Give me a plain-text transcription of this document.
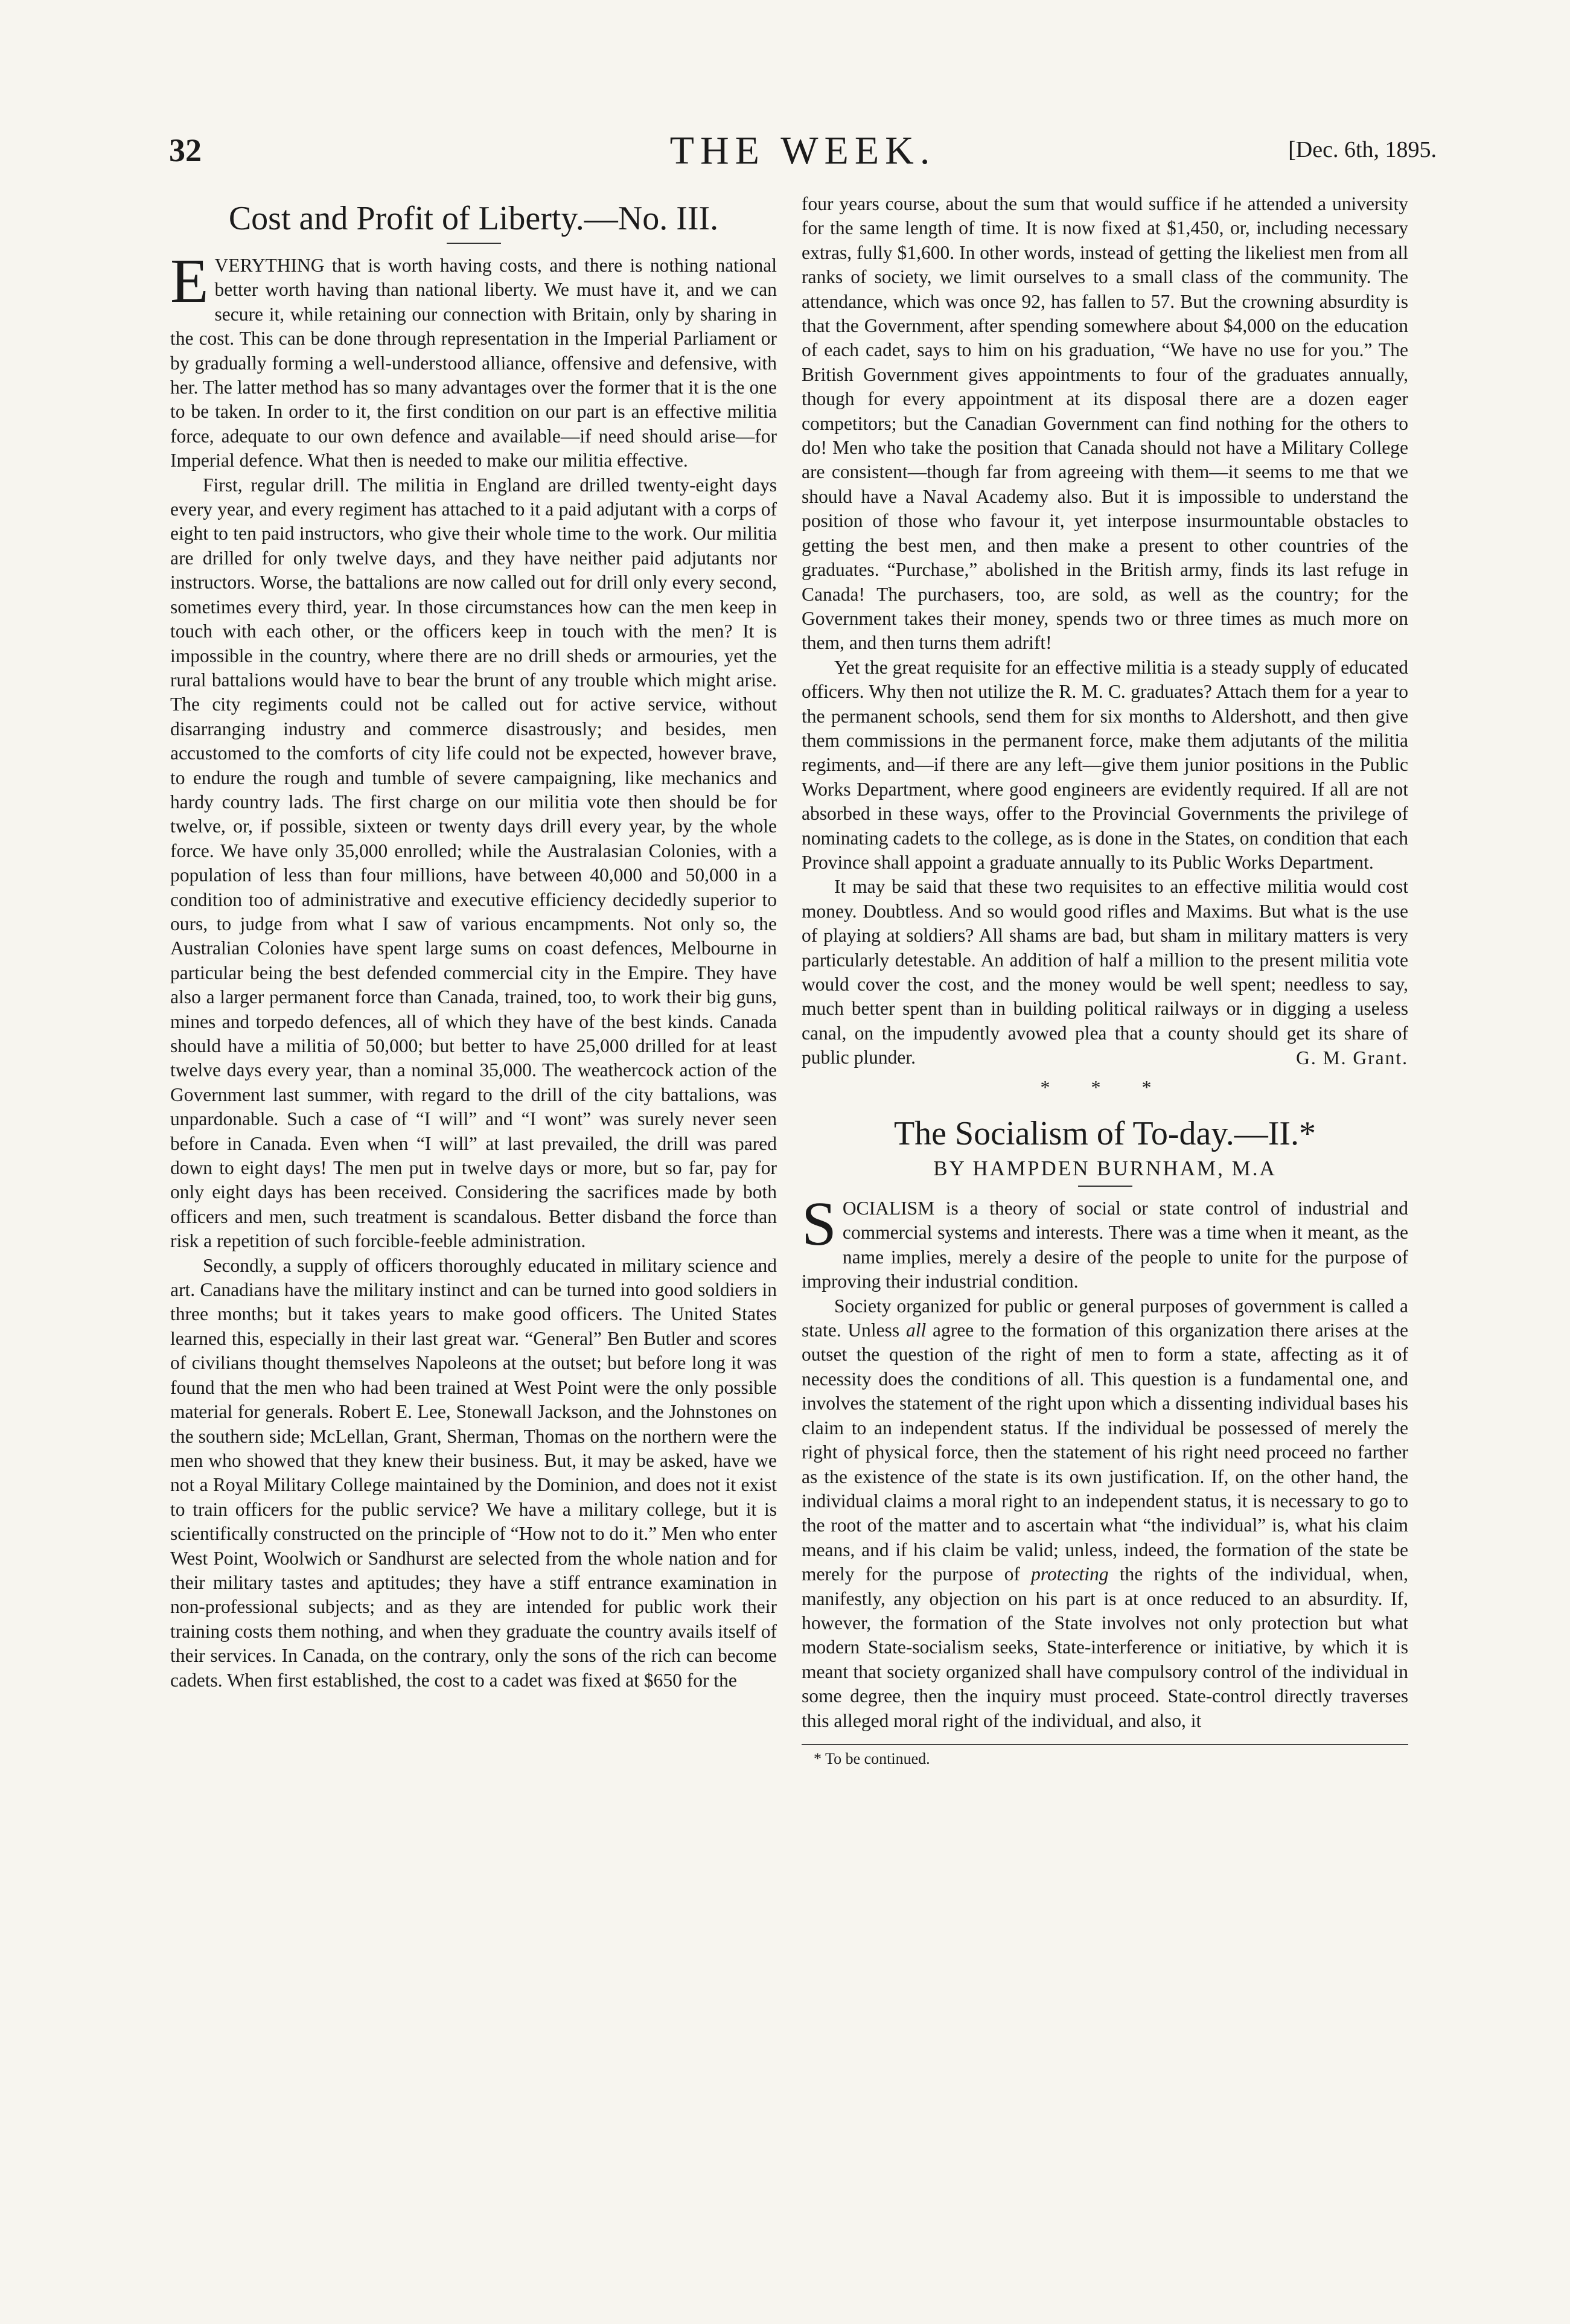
32	THE WEEK.	[Dec. 6th, 1895.
Cost and Profit of Liberty.—No. III.

EVERYTHING that is worth having costs, and there is nothing national better worth having than national liberty. We must have it, and we can secure it, while retaining our connection with Britain, only by sharing in the cost. This can be done through representation in the Imperial Parliament or by gradually forming a well-understood alliance, offensive and defensive, with her. The latter method has so many advantages over the former that it is the one to be taken. In order to it, the first condition on our part is an effective militia force, adequate to our own defence and available—if need should arise—for Imperial defence. What then is needed to make our militia effective.

First, regular drill. The militia in England are drilled twenty-eight days every year, and every regiment has attached to it a paid adjutant with a corps of eight to ten paid instructors, who give their whole time to the work. Our militia are drilled for only twelve days, and they have neither paid adjutants nor instructors. Worse, the battalions are now called out for drill only every second, sometimes every third, year. In those circumstances how can the men keep in touch with each other, or the officers keep in touch with the men? It is impossible in the country, where there are no drill sheds or armouries, yet the rural battalions would have to bear the brunt of any trouble which might arise. The city regiments could not be called out for active service, without disarranging industry and commerce disastrously; and besides, men accustomed to the comforts of city life could not be expected, however brave, to endure the rough and tumble of severe campaigning, like mechanics and hardy country lads. The first charge on our militia vote then should be for twelve, or, if possible, sixteen or twenty days drill every year, by the whole force. We have only 35,000 enrolled; while the Australasian Colonies, with a population of less than four millions, have between 40,000 and 50,000 in a condition too of administrative and executive efficiency decidedly superior to ours, to judge from what I saw of various encampments. Not only so, the Australian Colonies have spent large sums on coast defences, Melbourne in particular being the best defended commercial city in the Empire. They have also a larger permanent force than Canada, trained, too, to work their big guns, mines and torpedo defences, all of which they have of the best kinds. Canada should have a militia of 50,000; but better to have 25,000 drilled for at least twelve days every year, than a nominal 35,000. The weathercock action of the Government last summer, with regard to the drill of the city battalions, was unpardonable. Such a case of “I will” and “I wont” was surely never seen before in Canada. Even when “I will” at last prevailed, the drill was pared down to eight days! The men put in twelve days or more, but so far, pay for only eight days has been received. Considering the sacrifices made by both officers and men, such treatment is scandalous. Better disband the force than risk a repetition of such forcible-feeble administration.

Secondly, a supply of officers thoroughly educated in military science and art. Canadians have the military instinct and can be turned into good soldiers in three months; but it takes years to make good officers. The United States learned this, especially in their last great war. “General” Ben Butler and scores of civilians thought themselves Napoleons at the outset; but before long it was found that the men who had been trained at West Point were the only possible material for generals. Robert E. Lee, Stonewall Jackson, and the Johnstones on the southern side; McLellan, Grant, Sherman, Thomas on the northern were the men who showed that they knew their business. But, it may be asked, have we not a Royal Military College maintained by the Dominion, and does not it exist to train officers for the public service? We have a military college, but it is scientifically constructed on the principle of “How not to do it.” Men who enter West Point, Woolwich or Sandhurst are selected from the whole nation and for their military tastes and aptitudes; they have a stiff entrance examination in non-professional subjects; and as they are intended for public work their training costs them nothing, and when they graduate the country avails itself of their services. In Canada, on the contrary, only the sons of the rich can become cadets. When first established, the cost to a cadet was fixed at $650 for the

four years course, about the sum that would suffice if he attended a university for the same length of time. It is now fixed at $1,450, or, including necessary extras, fully $1,600. In other words, instead of getting the likeliest men from all ranks of society, we limit ourselves to a small class of the community. The attendance, which was once 92, has fallen to 57. But the crowning absurdity is that the Government, after spending somewhere about $4,000 on the education of each cadet, says to him on his graduation, “We have no use for you.” The British Government gives appointments to four of the graduates annually, though for every appointment at its disposal there are a dozen eager competitors; but the Canadian Government can find nothing for the others to do! Men who take the position that Canada should not have a Military College are consistent—though far from agreeing with them—it seems to me that we should have a Naval Academy also. But it is impossible to understand the position of those who favour it, yet interpose insurmountable obstacles to getting the best men, and then make a present to other countries of the graduates. “Purchase,” abolished in the British army, finds its last refuge in Canada! The purchasers, too, are sold, as well as the country; for the Government takes their money, spends two or three times as much more on them, and then turns them adrift!

Yet the great requisite for an effective militia is a steady supply of educated officers. Why then not utilize the R. M. C. graduates? Attach them for a year to the permanent schools, send them for six months to Aldershott, and then give them commissions in the permanent force, make them adjutants of the militia regiments, and—if there are any left—give them junior positions in the Public Works Department, where good engineers are evidently required. If all are not absorbed in these ways, offer to the Provincial Governments the privilege of nominating cadets to the college, as is done in the States, on condition that each Province shall appoint a graduate annually to its Public Works Department.

It may be said that these two requisites to an effective militia would cost money. Doubtless. And so would good rifles and Maxims. But what is the use of playing at soldiers? All shams are bad, but sham in military matters is very particularly detestable. An addition of half a million to the present militia vote would cover the cost, and the money would be well spent; needless to say, much better spent than in building political railways or in digging a useless canal, on the impudently avowed plea that a county should get its share of public plunder.	G. M. Grant.
* * *
The Socialism of To-day.—II.*
BY HAMPDEN BURNHAM, M.A

SOCIALISM is a theory of social or state control of industrial and commercial systems and interests. There was a time when it meant, as the name implies, merely a desire of the people to unite for the purpose of improving their industrial condition.

Society organized for public or general purposes of government is called a state. Unless all agree to the formation of this organization there arises at the outset the question of the right of men to form a state, affecting as it of necessity does the conditions of all. This question is a fundamental one, and involves the statement of the right upon which a dissenting individual bases his claim to an independent status. If the individual be possessed of merely the right of physical force, then the statement of his right need proceed no farther as the existence of the state is its own justification. If, on the other hand, the individual claims a moral right to an independent status, it is necessary to go to the root of the matter and to ascertain what “the individual” is, what his claim means, and if his claim be valid; unless, indeed, the formation of the state be merely for the purpose of protecting the rights of the individual, when, manifestly, any objection on his part is at once reduced to an absurdity. If, however, the formation of the State involves not only protection but what modern State-socialism seeks, State-interference or initiative, by which it is meant that society organized shall have compulsory control of the individual in some degree, then the inquiry must proceed. State-control directly traverses this alleged moral right of the individual, and also, it

* To be continued.
